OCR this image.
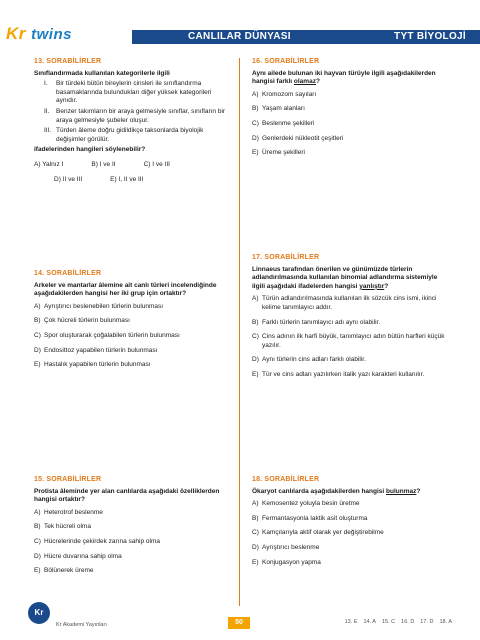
Kr twins	CANLILAR DÜNYASI	TYT BİYOLOJİ
13. SORABİLİRLER
Sınıflandırmada kullanılan kategorilerle ilgili
I.	Bir türdeki bütün bireylerin cinsleri ile sınıflandırma basamaklarında bulundukları diğer yüksek kategorileri aynıdır.
II.	Benzer takımların bir araya gelmesiyle sınıflar, sınıfların bir araya gelmesiyle şubeler oluşur.
III. Türden âleme doğru gidildikçe taksonlarda biyolojik değişimler görülür.
ifadelerinden hangileri söylenebilir?
A) Yalnız I	B) I ve II	C) I ve III
D) II ve III	E) I, II ve III
14. SORABİLİRLER
Arkeler ve mantarlar âlemine ait canlı türleri incelendiğinde aşağıdakilerden hangisi her iki grup için ortaktır?
A) Ayrıştırıcı beslenebilen türlerin bulunması
B) Çok hücreli türlerin bulunması
C) Spor oluşturarak çoğalabilen türlerin bulunması
D) Endosittoz yapabilen türlerin bulunması
E) Hastalık yapabilen türlerin bulunması
15. SORABİLİRLER
Protista âleminde yer alan canlılarda aşağıdaki özelliklerden hangisi ortaktır?
A) Heterotrof beslenme
B) Tek hücreli olma
C) Hücrelerinde çekirdek zarına sahip olma
D) Hücre duvarına sahip olma
E) Bölünerek üreme
16. SORABİLİRLER
Aynı ailede bulunan iki hayvan türüyle ilgili aşağıdakilerden hangisi farklı olamaz?
A) Kromozom sayıları
B) Yaşam alanları
C) Beslenme şekilleri
D) Genlerdeki nükleotit çeşitleri
E) Üreme şekilleri
17. SORABİLİRLER
Linnaeus tarafından önerilen ve günümüzde türlerin adlandırılmasında kullanılan binomial adlandırma sistemiyle ilgili aşağıdaki ifadelerden hangisi yanlıştır?
A) Türün adlandırılmasında kullanılan ilk sözcük cins ismi, ikinci kelime tanımlayıcı addır.
B) Farklı türlerin tanımlayıcı adı aynı olabilir.
C) Cins adının ilk harfi büyük, tanımlayıcı adın bütün harfleri küçük yazılır.
D) Aynı türlerin cins adları farklı olabilir.
E) Tür ve cins adları yazılırken italik yazı karakteri kullanılır.
18. SORABİLİRLER
Ökaryot canlılarda aşağıdakilerden hangisi bulunmaz?
A) Kemosentez yoluyla besin üretme
B) Fermantasyonla laktik asit oluşturma
C) Kamçılarıyla aktif olarak yer değiştirebilme
D) Ayrıştırıcı beslenme
E) Konjugasyon yapma
Kr
Kr Akademi Yayınları	50	13. E 14. A 15. C 16. D 17. D 18. A
